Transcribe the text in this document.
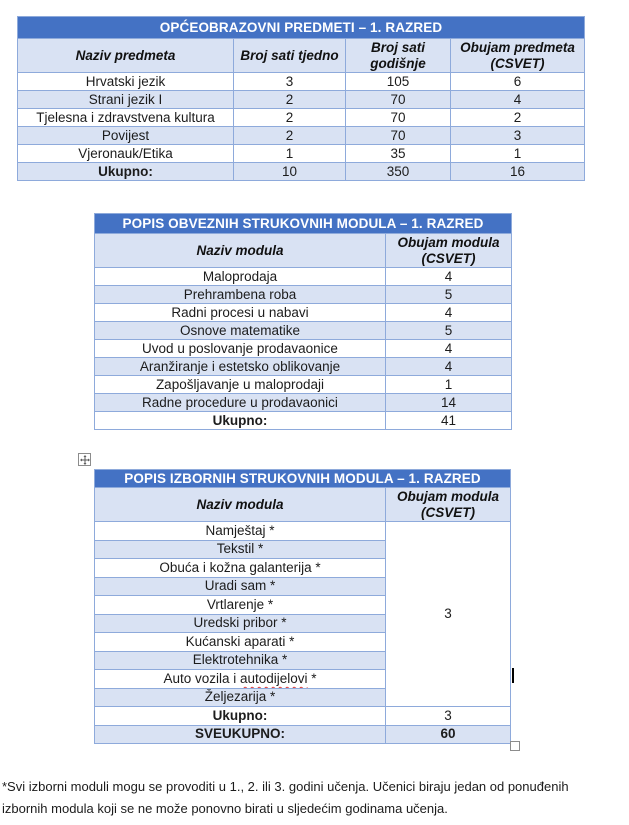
OPĆEOBRAZOVNI PREDMETI – 1. RAZRED			
Naziv predmeta	Broj sati tjedno	Broj sati godišnje	Obujam predmeta (CSVET)
Hrvatski jezik	3	105	6
Strani jezik I	2	70	4
Tjelesna i zdravstvena kultura	2	70	2
Povijest	2	70	3
Vjeronauk/Etika	1	35	1
Ukupno:	10	350	16
POPIS OBVEZNIH STRUKOVNIH MODULA – 1. RAZRED	
Naziv modula	Obujam modula (CSVET)
Maloprodaja	4
Prehrambena roba	5
Radni procesi u nabavi	4
Osnove matematike	5
Uvod u poslovanje prodavaonice	4
Aranžiranje i estetsko oblikovanje	4
Zapošljavanje u maloprodaji	1
Radne procedure u prodavaonici	14
Ukupno:	41
POPIS IZBORNIH STRUKOVNIH MODULA – 1. RAZRED	
Naziv modula	Obujam modula (CSVET)
Namještaj *	3
Tekstil *	
Obuća i kožna galanterija *	
Uradi sam *	
Vrtlarenje *	
Uredski pribor *	
Kućanski aparati *	
Elektrotehnika *	
Auto vozila i autodijelovi *	
Željezarija *	
Ukupno:	3
SVEUKUPNO:	60
*Svi izborni moduli mogu se provoditi u 1., 2. ili 3. godini učenja. Učenici biraju jedan od ponuđenih
izbornih modula koji se ne može ponovno birati u sljedećim godinama učenja.
